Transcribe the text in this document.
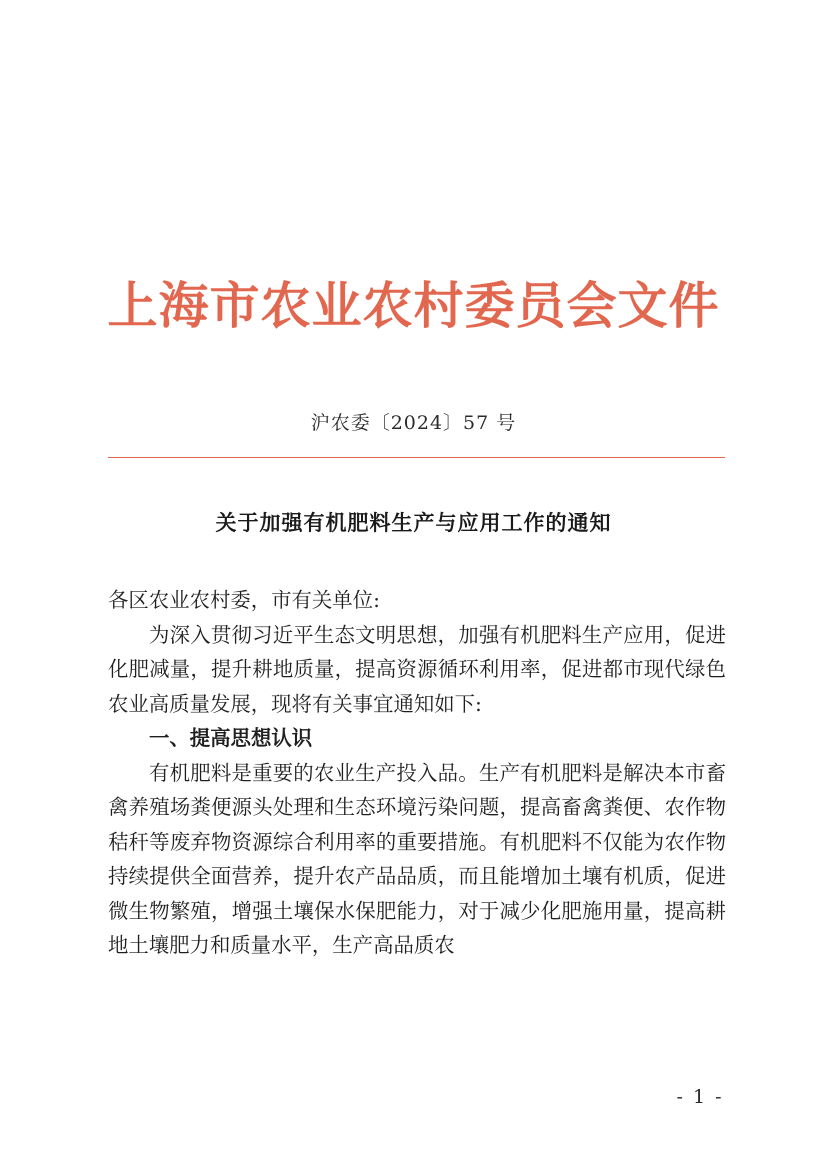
上海市农业农村委员会文件
沪农委〔2024〕57 号
关于加强有机肥料生产与应用工作的通知

各区农业农村委，市有关单位:

为深入贯彻习近平生态文明思想，加强有机肥料生产应用，促进化肥减量，提升耕地质量，提高资源循环利用率，促进都市现代绿色农业高质量发展，现将有关事宜通知如下:

一、提高思想认识

有机肥料是重要的农业生产投入品。生产有机肥料是解决本市畜禽养殖场粪便源头处理和生态环境污染问题，提高畜禽粪便、农作物秸秆等废弃物资源综合利用率的重要措施。有机肥料不仅能为农作物持续提供全面营养，提升农产品品质，而且能增加土壤有机质，促进微生物繁殖，增强土壤保水保肥能力，对于减少化肥施用量，提高耕地土壤肥力和质量水平，生产高品质农

- 1 -
